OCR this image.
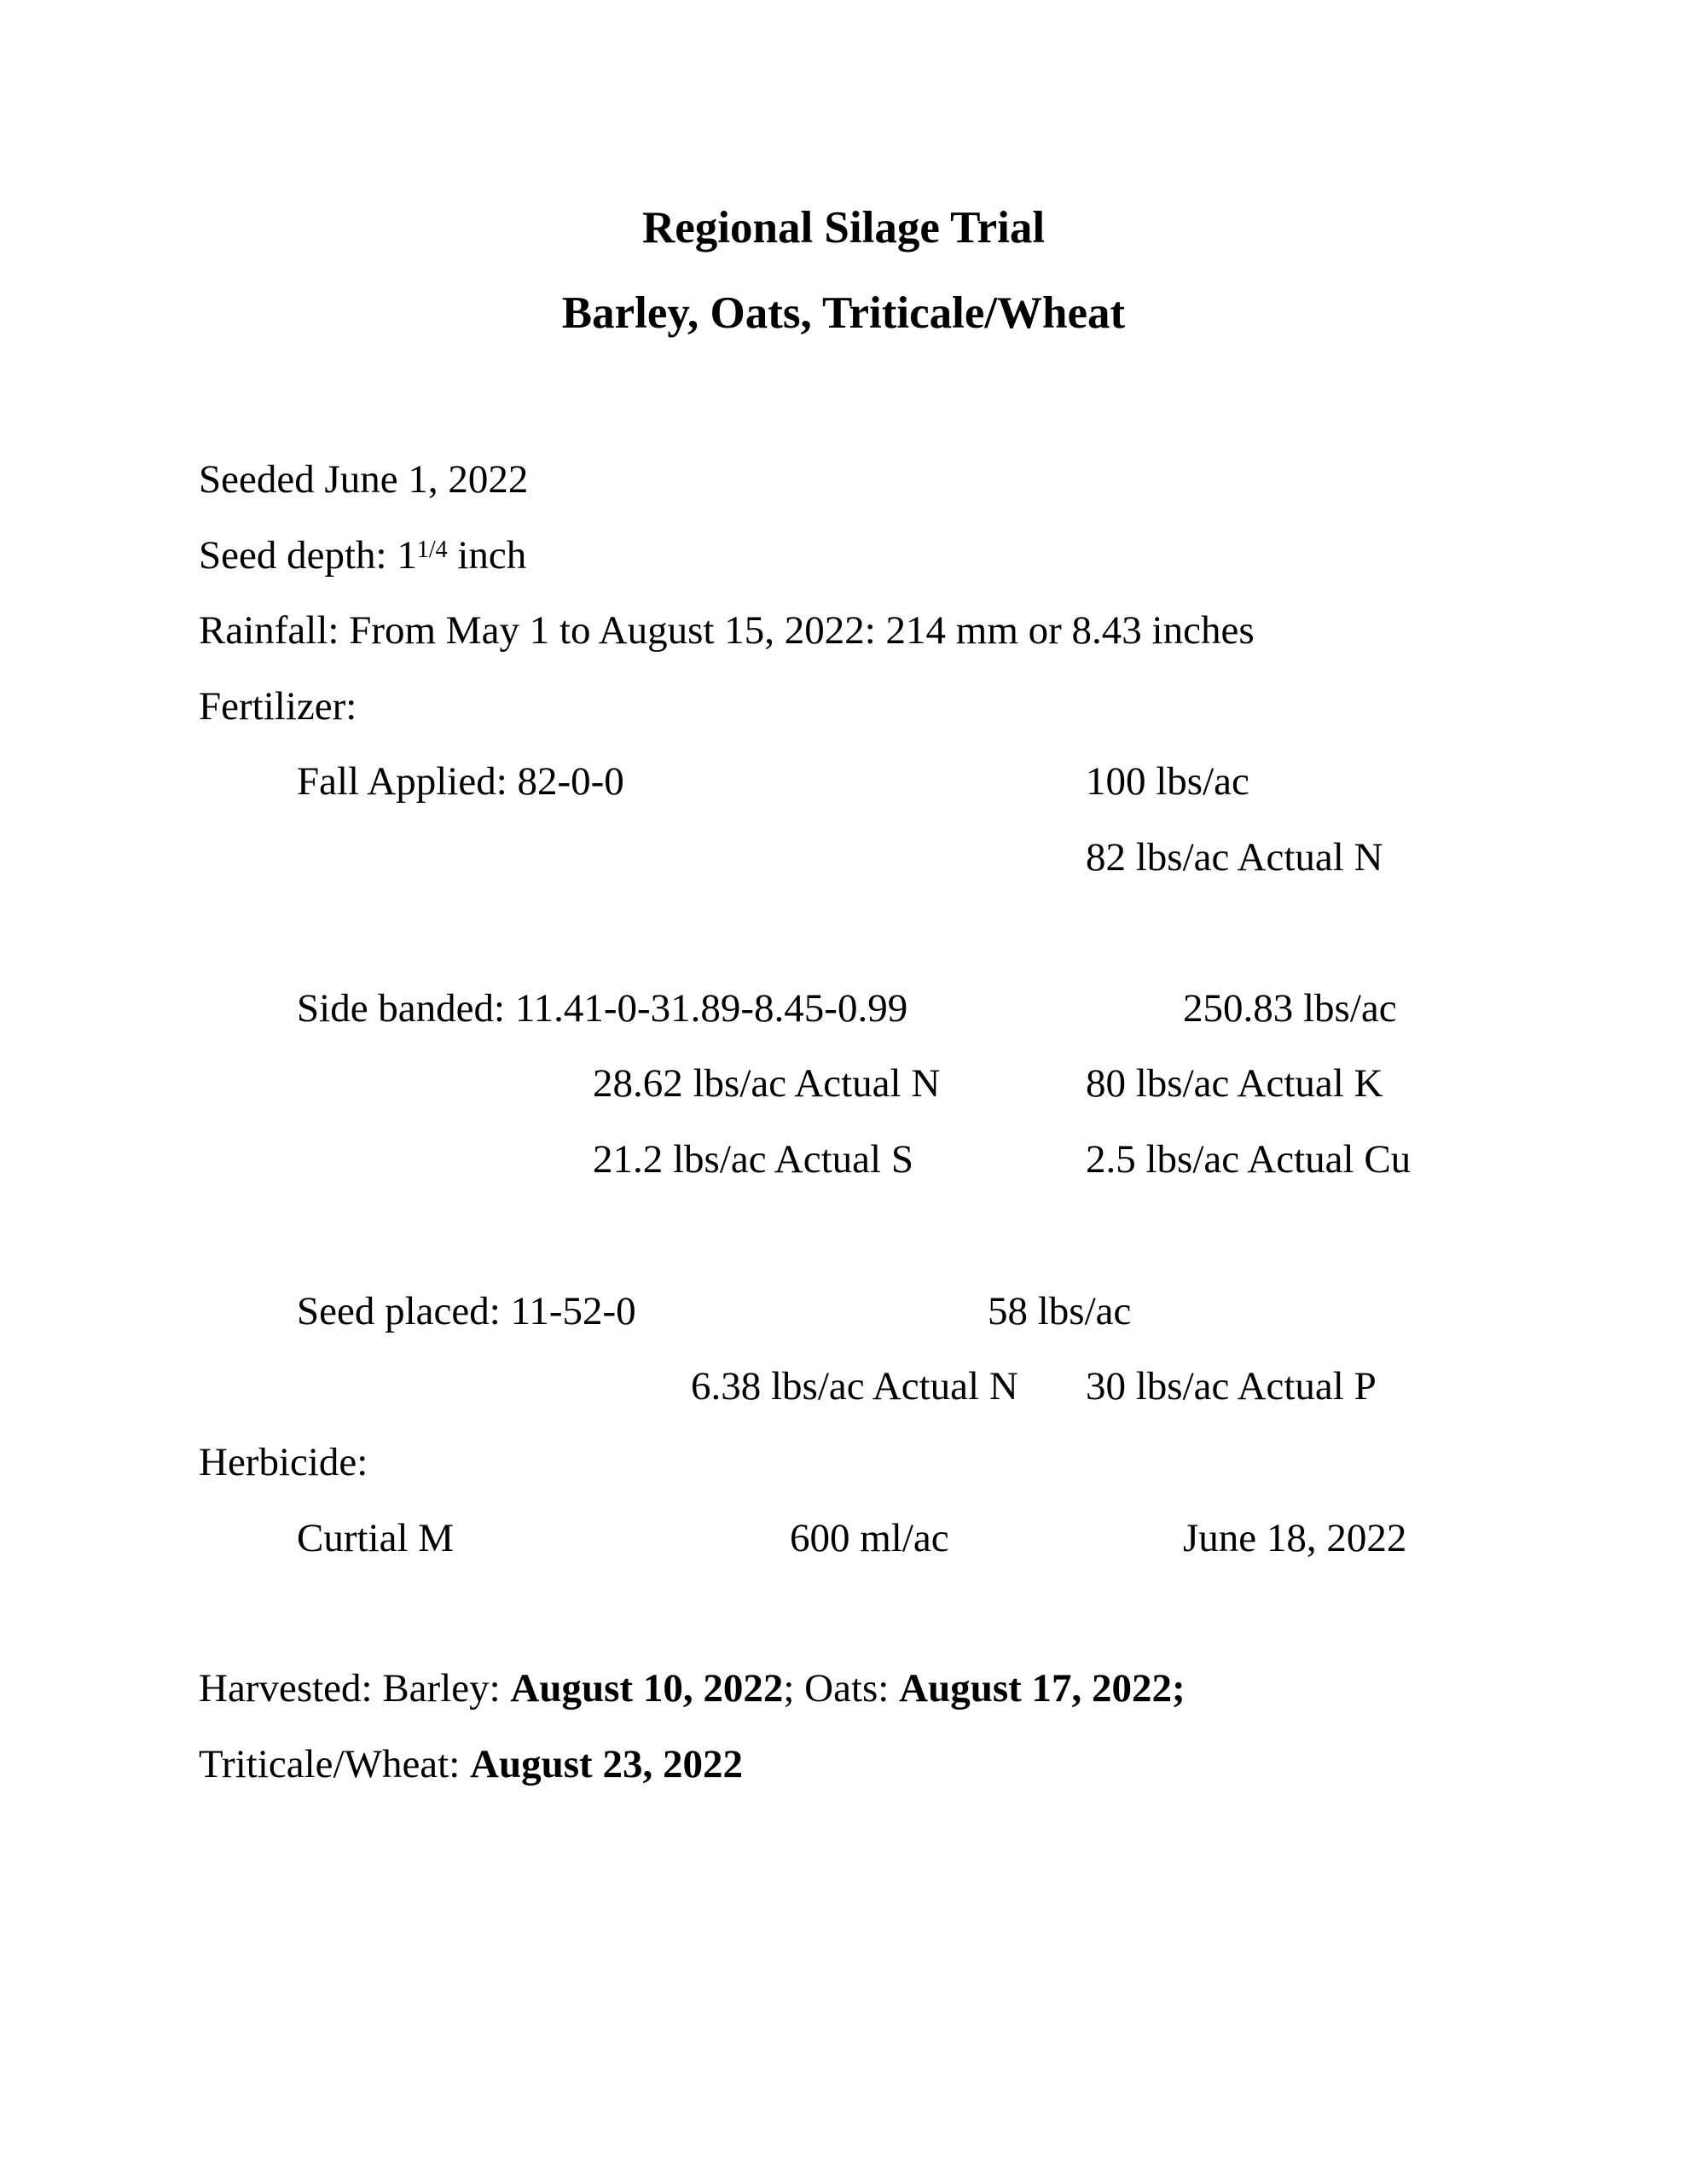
Regional Silage Trial
Barley, Oats, Triticale/Wheat
Seeded June 1, 2022
Seed depth: $1^{1/4}$ inch
Rainfall: From May 1 to August 15, 2022: 214 mm or 8.43 inches
Fertilizer:
Fall Applied: 82-0-0	100 lbs/ac
82 lbs/ac Actual N
Side banded: 11.41-0-31.89-8.45-0.99	250.83 lbs/ac
28.62 lbs/ac Actual N	80 lbs/ac Actual K
21.2 lbs/ac Actual S	2.5 lbs/ac Actual Cu
Seed placed: 11-52-0	58 lbs/ac
6.38 lbs/ac Actual N 30 lbs/ac Actual P
Herbicide:
Curtial M	600 ml/ac	June 18, 2022
Harvested: Barley: August 10, 2022; Oats: August 17, 2022;
Triticale/Wheat: August 23, 2022
